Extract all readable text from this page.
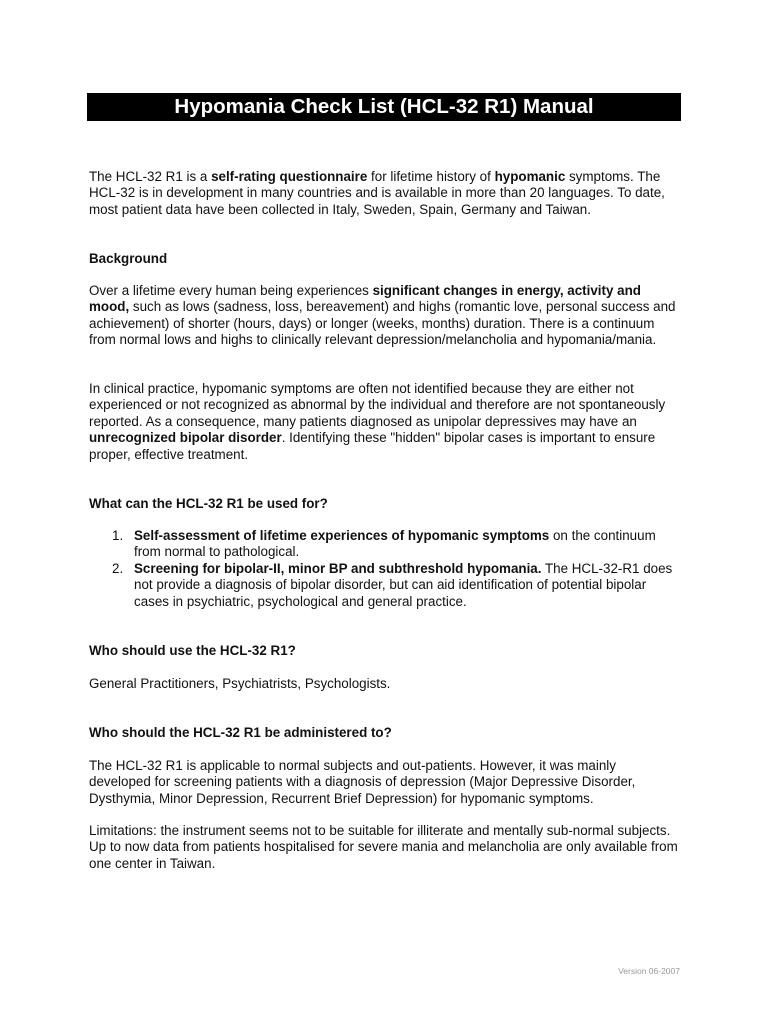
Hypomania Check List (HCL-32 R1) Manual

The HCL-32 R1 is a self-rating questionnaire for lifetime history of hypomanic symptoms. The HCL-32 is in development in many countries and is available in more than 20 languages. To date, most patient data have been collected in Italy, Sweden, Spain, Germany and Taiwan.

Background

Over a lifetime every human being experiences significant changes in energy, activity and mood, such as lows (sadness, loss, bereavement) and highs (romantic love, personal success and achievement) of shorter (hours, days) or longer (weeks, months) duration. There is a continuum from normal lows and highs to clinically relevant depression/melancholia and hypomania/mania.

In clinical practice, hypomanic symptoms are often not identified because they are either not experienced or not recognized as abnormal by the individual and therefore are not spontaneously reported. As a consequence, many patients diagnosed as unipolar depressives may have an unrecognized bipolar disorder. Identifying these "hidden" bipolar cases is important to ensure proper, effective treatment.

What can the HCL-32 R1 be used for?

1. Self-assessment of lifetime experiences of hypomanic symptoms on the continuum from normal to pathological.
2. Screening for bipolar-II, minor BP and subthreshold hypomania. The HCL-32-R1 does not provide a diagnosis of bipolar disorder, but can aid identification of potential bipolar cases in psychiatric, psychological and general practice.

Who should use the HCL-32 R1?

General Practitioners, Psychiatrists, Psychologists.

Who should the HCL-32 R1 be administered to?

The HCL-32 R1 is applicable to normal subjects and out-patients. However, it was mainly developed for screening patients with a diagnosis of depression (Major Depressive Disorder, Dysthymia, Minor Depression, Recurrent Brief Depression) for hypomanic symptoms.

Limitations: the instrument seems not to be suitable for illiterate and mentally sub-normal subjects. Up to now data from patients hospitalised for severe mania and melancholia are only available from one center in Taiwan.

Version 06-2007
